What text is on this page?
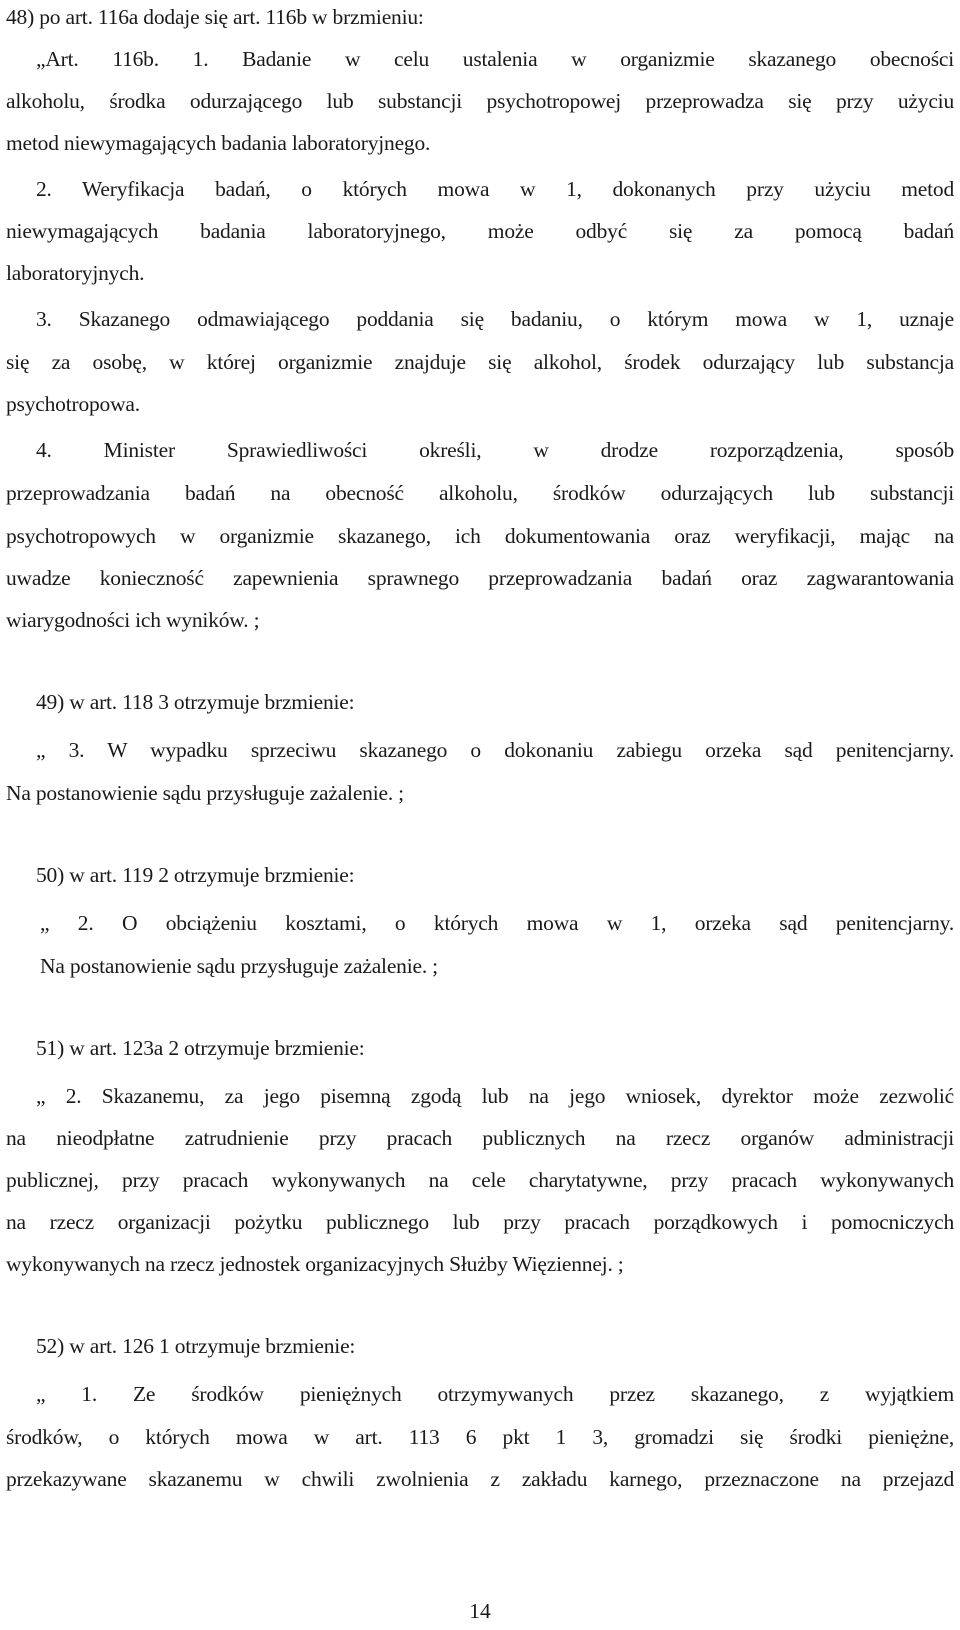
48) po art. 116a dodaje się art. 116b w brzmieniu:
„Art. 116b. 1. Badanie w celu ustalenia w organizmie skazanego obecności
alkoholu, środka odurzającego lub substancji psychotropowej przeprowadza się przy użyciu
metod niewymagających badania laboratoryjnego.
2. Weryfikacja badań, o których mowa w 1, dokonanych przy użyciu metod
niewymagających badania laboratoryjnego, może odbyć się za pomocą badań
laboratoryjnych.
3. Skazanego odmawiającego poddania się badaniu, o którym mowa w 1, uznaje
się za osobę, w której organizmie znajduje się alkohol, środek odurzający lub substancja
psychotropowa.
4. Minister Sprawiedliwości określi, w drodze rozporządzenia, sposób
przeprowadzania badań na obecność alkoholu, środków odurzających lub substancji
psychotropowych w organizmie skazanego, ich dokumentowania oraz weryfikacji, mając na
uwadze konieczność zapewnienia sprawnego przeprowadzania badań oraz zagwarantowania
wiarygodności ich wyników. ;
49) w art. 118 3 otrzymuje brzmienie:
„ 3. W wypadku sprzeciwu skazanego o dokonaniu zabiegu orzeka sąd penitencjarny.
Na postanowienie sądu przysługuje zażalenie. ;
50) w art. 119 2 otrzymuje brzmienie:
„ 2. O obciążeniu kosztami, o których mowa w 1, orzeka sąd penitencjarny.
Na postanowienie sądu przysługuje zażalenie. ;
51) w art. 123a 2 otrzymuje brzmienie:
„ 2. Skazanemu, za jego pisemną zgodą lub na jego wniosek, dyrektor może zezwolić
na nieodpłatne zatrudnienie przy pracach publicznych na rzecz organów administracji
publicznej, przy pracach wykonywanych na cele charytatywne, przy pracach wykonywanych
na rzecz organizacji pożytku publicznego lub przy pracach porządkowych i pomocniczych
wykonywanych na rzecz jednostek organizacyjnych Służby Więziennej. ;
52) w art. 126 1 otrzymuje brzmienie:
„ 1. Ze środków pieniężnych otrzymywanych przez skazanego, z wyjątkiem
środków, o których mowa w art. 113 6 pkt 1 3, gromadzi się środki pieniężne,
przekazywane skazanemu w chwili zwolnienia z zakładu karnego, przeznaczone na przejazd
14
